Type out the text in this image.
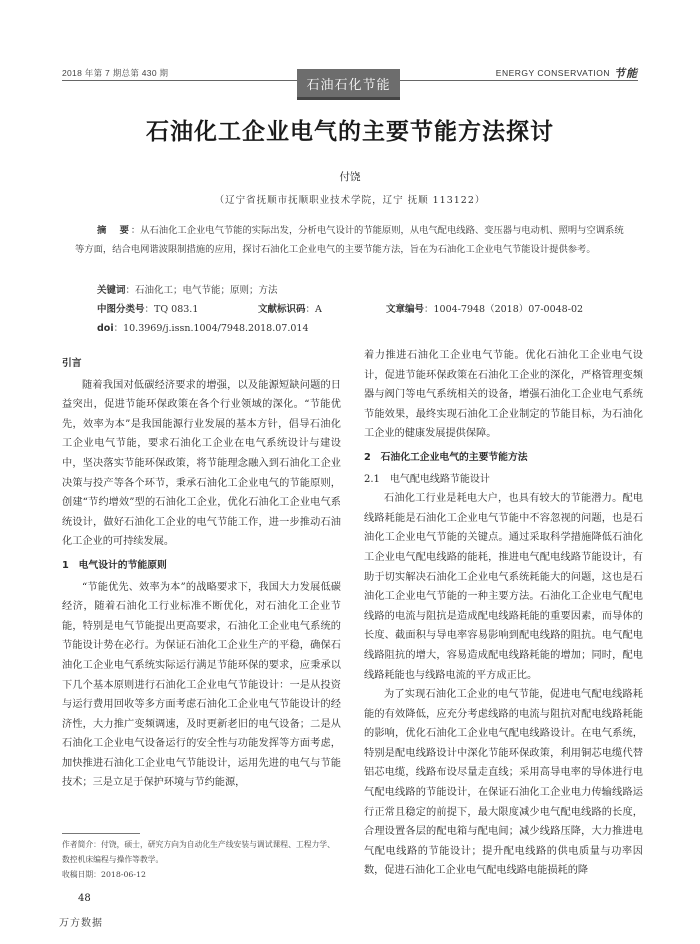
2018 年第 7 期总第 430 期	ENERGY CONSERVATION 节能
石油石化节能
石油化工企业电气的主要节能方法探讨
付饶
（辽宁省抚顺市抚顺职业技术学院，辽宁 抚顺 113122）
摘　要：从石油化工企业电气节能的实际出发，分析电气设计的节能原则，从电气配电线路、变压器与电动机、照明与空调系统等方面，结合电网谐波限制措施的应用，探讨石油化工企业电气的主要节能方法，旨在为石油化工企业电气节能设计提供参考。
关键词：石油化工；电气节能；原则；方法
中图分类号：TQ 083.1	文献标识码：A	文章编号：1004-7948（2018）07-0048-02
doi：10.3969/j.issn.1004/7948.2018.07.014
引言

随着我国对低碳经济要求的增强，以及能源短缺问题的日益突出，促进节能环保政策在各个行业领域的深化。“节能优先，效率为本”是我国能源行业发展的基本方针，倡导石油化工企业电气节能，要求石油化工企业在电气系统设计与建设中，坚决落实节能环保政策，将节能理念融入到石油化工企业决策与投产等各个环节，秉承石油化工企业电气的节能原则，创建“节约增效”型的石油化工企业，优化石油化工企业电气系统设计，做好石油化工企业的电气节能工作，进一步推动石油化工企业的可持续发展。

1　电气设计的节能原则

“节能优先、效率为本”的战略要求下，我国大力发展低碳经济，随着石油化工行业标准不断优化，对石油化工企业节能，特别是电气节能提出更高要求，石油化工企业电气系统的节能设计势在必行。为保证石油化工企业生产的平稳，确保石油化工企业电气系统实际运行满足节能环保的要求，应秉承以下几个基本原则进行石油化工企业电气节能设计：一是从投资与运行费用回收等多方面考虑石油化工企业电气节能设计的经济性，大力推广变频调速，及时更新老旧的电气设备；二是从石油化工企业电气设备运行的安全性与功能发挥等方面考虑，加快推进石油化工企业电气节能设计，运用先进的电气与节能技术；三是立足于保护环境与节约能源，

着力推进石油化工企业电气节能。优化石油化工企业电气设计，促进节能环保政策在石油化工企业的深化，严格管理变频器与阀门等电气系统相关的设备，增强石油化工企业电气系统节能效果，最终实现石油化工企业制定的节能目标，为石油化工企业的健康发展提供保障。

2　石油化工企业电气的主要节能方法
2.1　电气配电线路节能设计

石油化工行业是耗电大户，也具有较大的节能潜力。配电线路耗能是石油化工企业电气节能中不容忽视的问题，也是石油化工企业电气节能的关键点。通过采取科学措施降低石油化工企业电气配电线路的能耗，推进电气配电线路节能设计，有助于切实解决石油化工企业电气系统耗能大的问题，这也是石油化工企业电气节能的一种主要方法。石油化工企业电气配电线路的电流与阻抗是造成配电线路耗能的重要因素，而导体的长度、截面积与导电率容易影响到配电线路的阻抗。电气配电线路阻抗的增大，容易造成配电线路耗能的增加；同时，配电线路耗能也与线路电流的平方成正比。

为了实现石油化工企业的电气节能，促进电气配电线路耗能的有效降低，应充分考虑线路的电流与阻抗对配电线路耗能的影响，优化石油化工企业电气配电线路设计。在电气系统，特别是配电线路设计中深化节能环保政策，利用铜芯电缆代替铝芯电缆，线路布设尽量走直线；采用高导电率的导体进行电气配电线路的节能设计，在保证石油化工企业电力传输线路运行正常且稳定的前提下，最大限度减少电气配电线路的长度，合理设置各层的配电箱与配电间；减少线路压降，大力推进电气配电线路的节能设计；提升配电线路的供电质量与功率因数，促进石油化工企业电气配电线路电能损耗的降

作者简介：付饶，硕士，研究方向为自动化生产线安装与调试课程、工程力学、数控机床编程与操作等教学。
收稿日期：2018-06-12
48
万方数据
